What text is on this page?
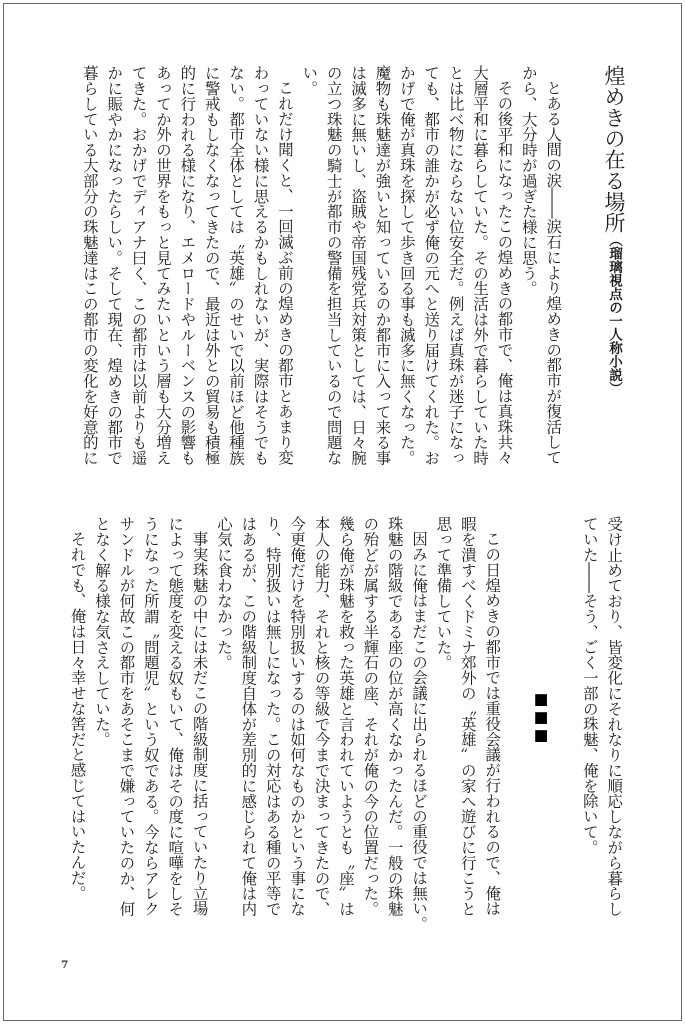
煌めきの在る場所（瑠璃視点の一人称小説）
とある人間の涙――涙石により煌めきの都市が復活して
から、大分時が過ぎた様に思う。
その後平和になったこの煌めきの都市で、俺は真珠共々
大層平和に暮らしていた。その生活は外で暮らしていた時
とは比べ物にならない位安全だ。例えば真珠が迷子になっ
ても、都市の誰かが必ず俺の元へと送り届けてくれた。お
かげで俺が真珠を探して歩き回る事も滅多に無くなった。
魔物も珠魅達が強いと知っているのか都市に入って来る事
は滅多に無いし、盗賊や帝国残党兵対策としては、日々腕
の立つ珠魅の騎士が都市の警備を担当しているので問題な
い。
これだけ聞くと、一回滅ぶ前の煌めきの都市とあまり変
わっていない様に思えるかもしれないが、実際はそうでも
ない。都市全体としては〝英雄〟のせいで以前ほど他種族
に警戒もしなくなってきたので、最近は外との貿易も積極
的に行われる様になり、エメロードやルーベンスの影響も
あってか外の世界をもっと見てみたいという層も大分増え
てきた。おかげでディアナ曰く、この都市は以前よりも遥
かに賑やかになったらしい。そして現在、煌めきの都市で
暮らしている大部分の珠魅達はこの都市の変化を好意的に
受け止めており、皆変化にそれなりに順応しながら暮らし
ていた――そう、ごく一部の珠魅、俺を除いて。
■■■
この日煌めきの都市では重役会議が行われるので、俺は
暇を潰すべくドミナ郊外の〝英雄〟の家へ遊びに行こうと
思って準備していた。
因みに俺はまだこの会議に出られるほどの重役では無い。
珠魅の階級である座の位が高くなかったんだ。一般の珠魅
の殆どが属する半輝石の座、それが俺の今の位置だった。
幾ら俺が珠魅を救った英雄と言われていようとも〝座〟は
本人の能力、それと核の等級で今まで決まってきたので、
今更俺だけを特別扱いするのは如何なものかという事にな
り、特別扱いは無しになった。この対応はある種の平等で
はあるが、この階級制度自体が差別的に感じられて俺は内
心気に食わなかった。
事実珠魅の中には未だこの階級制度に括っていたり立場
によって態度を変える奴もいて、俺はその度に喧嘩をしそ
うになった所謂〝問題児〟という奴である。今ならアレク
サンドルが何故この都市をあそこまで嫌っていたのか、何
となく解る様な気さえしていた。
それでも、俺は日々幸せな筈だと感じてはいたんだ。
7
